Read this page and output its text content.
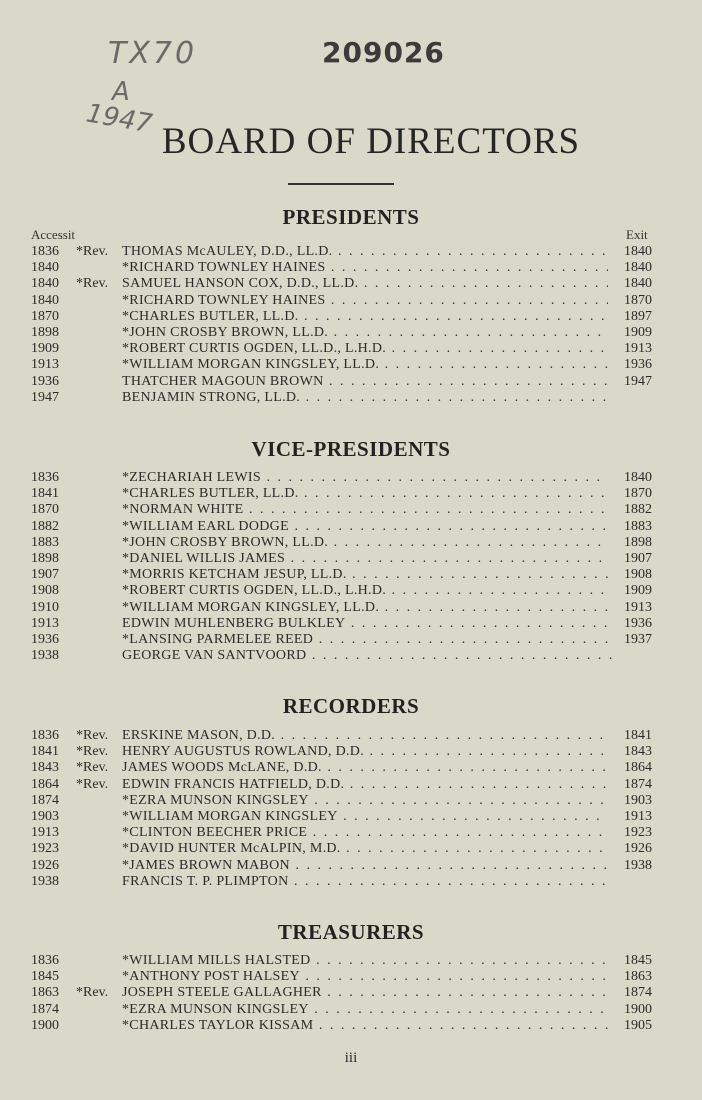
TX70
A
1947
209026
BOARD OF DIRECTORS
PRESIDENTS
Accessit	Exit
1836 *Rev. THOMAS McAULEY, D.D., LL.D. . . .	1840
1840	*RICHARD TOWNLEY HAINES . . .	1840
1840 *Rev. SAMUEL HANSON COX, D.D., LL.D. . . .	1840
1840	*RICHARD TOWNLEY HAINES . . .	1870
1870	*CHARLES BUTLER, LL.D. . . .	1897
1898	*JOHN CROSBY BROWN, LL.D. . . .	1909
1909	*ROBERT CURTIS OGDEN, LL.D., L.H.D. . . .	1913
1913	*WILLIAM MORGAN KINGSLEY, LL.D. . . .	1936
1936	THATCHER MAGOUN BROWN . . .	1947
1947	BENJAMIN STRONG, LL.D. . . .
VICE-PRESIDENTS
1836	*ZECHARIAH LEWIS . . .	1840
1841	*CHARLES BUTLER, LL.D. . . .	1870
1870	*NORMAN WHITE . . .	1882
1882	*WILLIAM EARL DODGE . . .	1883
1883	*JOHN CROSBY BROWN, LL.D. . . .	1898
1898	*DANIEL WILLIS JAMES . . .	1907
1907	*MORRIS KETCHAM JESUP, LL.D. . . .	1908
1908	*ROBERT CURTIS OGDEN, LL.D., L.H.D. . . .	1909
1910	*WILLIAM MORGAN KINGSLEY, LL.D. . . .	1913
1913	EDWIN MUHLENBERG BULKLEY . . .	1936
1936	*LANSING PARMELEE REED . . .	1937
1938	GEORGE VAN SANTVOORD . . .
RECORDERS
1836 *Rev. ERSKINE MASON, D.D. . . .	1841
1841 *Rev. HENRY AUGUSTUS ROWLAND, D.D. . . .	1843
1843 *Rev. JAMES WOODS McLANE, D.D. . . .	1864
1864 *Rev. EDWIN FRANCIS HATFIELD, D.D. . . .	1874
1874	*EZRA MUNSON KINGSLEY . . .	1903
1903	*WILLIAM MORGAN KINGSLEY . . .	1913
1913	*CLINTON BEECHER PRICE . . .	1923
1923	*DAVID HUNTER McALPIN, M.D. . . .	1926
1926	*JAMES BROWN MABON . . .	1938
1938	FRANCIS T. P. PLIMPTON . . .
TREASURERS
1836	*WILLIAM MILLS HALSTED . . .	1845
1845	*ANTHONY POST HALSEY . . .	1863
1863 *Rev. JOSEPH STEELE GALLAGHER . . .	1874
1874	*EZRA MUNSON KINGSLEY . . .	1900
1900	*CHARLES TAYLOR KISSAM . . .	1905
iii
